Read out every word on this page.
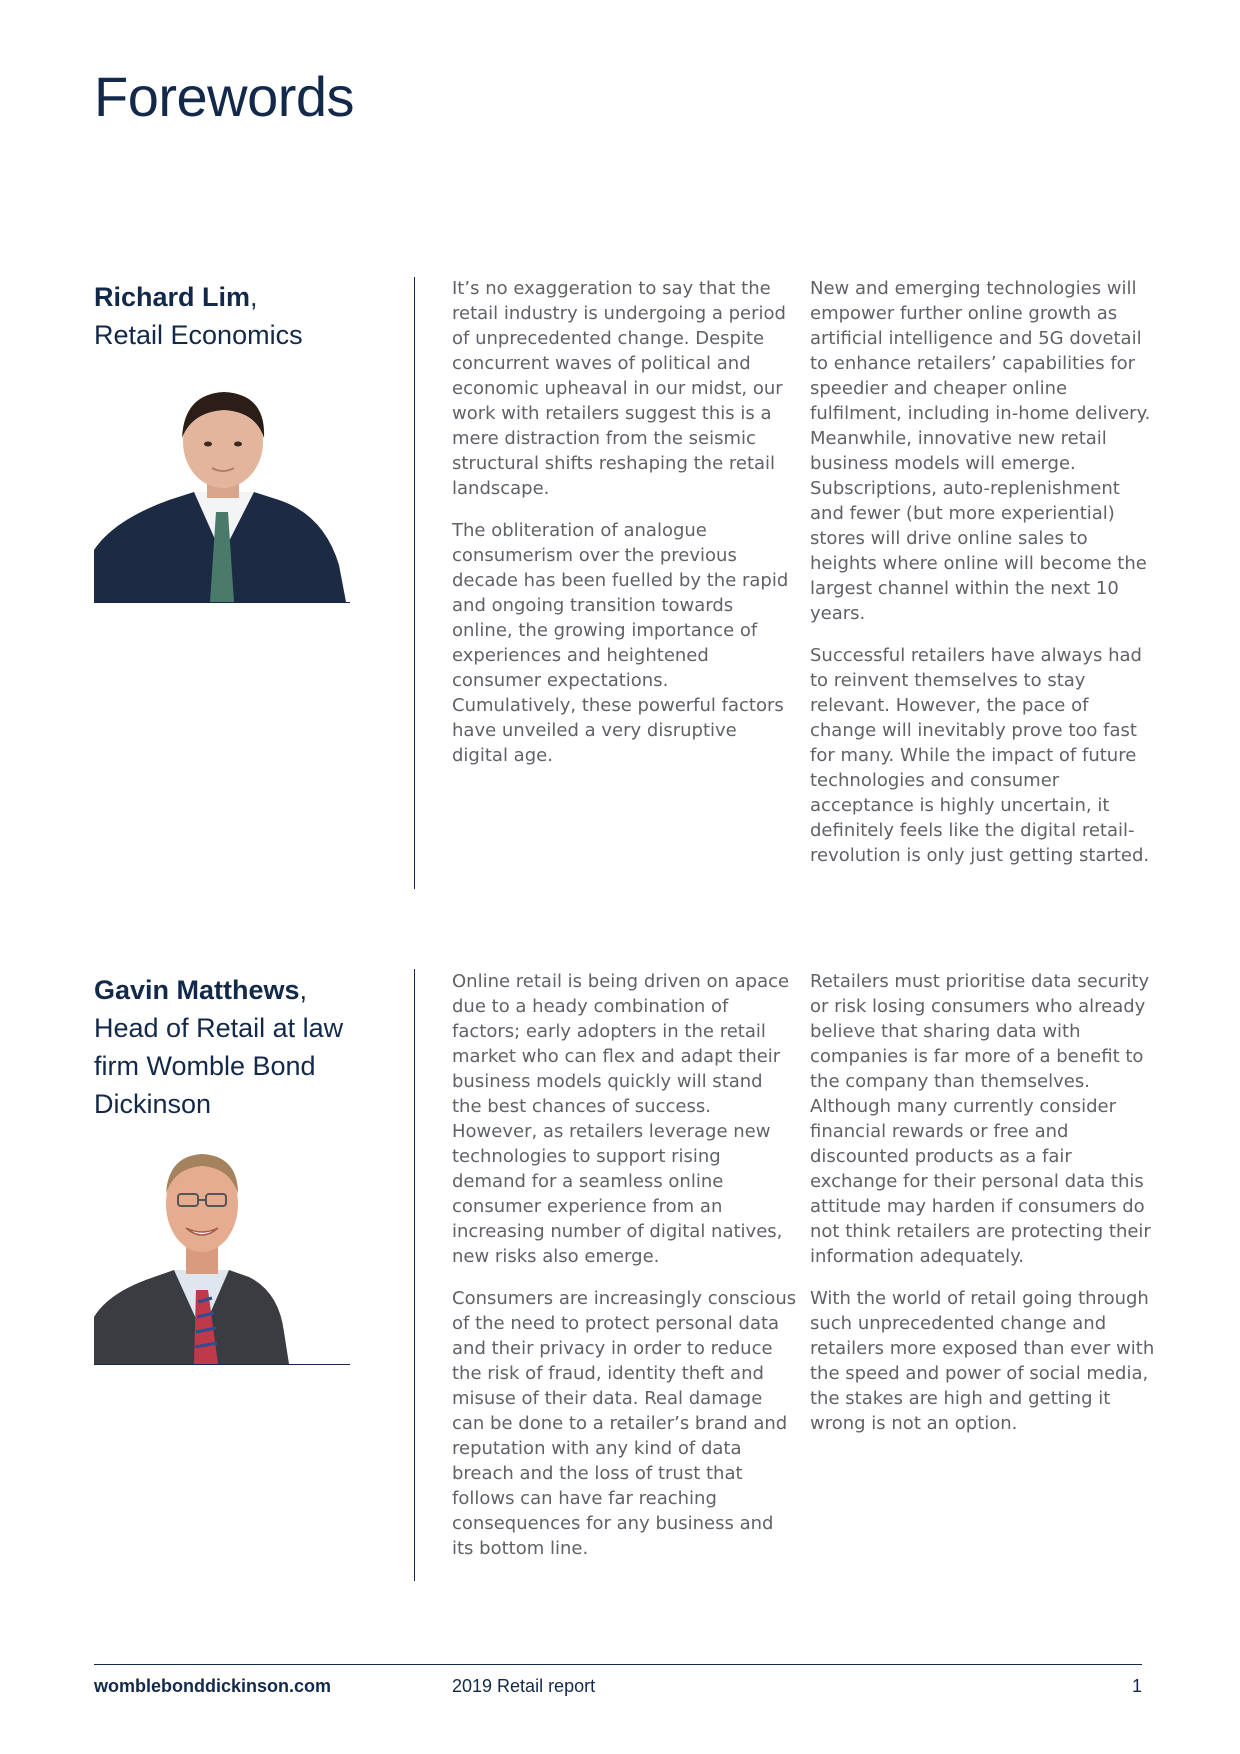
Forewords

Richard Lim,
Retail Economics

It’s no exaggeration to say that the retail industry is undergoing a period of unprecedented change. Despite concurrent waves of political and economic upheaval in our midst, our work with retailers suggest this is a mere distraction from the seismic structural shifts reshaping the retail landscape.

The obliteration of analogue consumerism over the previous decade has been fuelled by the rapid and ongoing transition towards online, the growing importance of experiences and heightened consumer expectations. Cumulatively, these powerful factors have unveiled a very disruptive digital age.

New and emerging technologies will empower further online growth as artificial intelligence and 5G dovetail to enhance retailers’ capabilities for speedier and cheaper online fulfilment, including in-home delivery. Meanwhile, innovative new retail business models will emerge. Subscriptions, auto-replenishment and fewer (but more experiential) stores will drive online sales to heights where online will become the largest channel within the next 10 years.

Successful retailers have always had to reinvent themselves to stay relevant. However, the pace of change will inevitably prove too fast for many. While the impact of future technologies and consumer acceptance is highly uncertain, it definitely feels like the digital retail-revolution is only just getting started.

Gavin Matthews,
Head of Retail at law firm Womble Bond Dickinson

Online retail is being driven on apace due to a heady combination of factors; early adopters in the retail market who can flex and adapt their business models quickly will stand the best chances of success. However, as retailers leverage new technologies to support rising demand for a seamless online consumer experience from an increasing number of digital natives, new risks also emerge.

Consumers are increasingly conscious of the need to protect personal data and their privacy in order to reduce the risk of fraud, identity theft and misuse of their data. Real damage can be done to a retailer’s brand and reputation with any kind of data breach and the loss of trust that follows can have far reaching consequences for any business and its bottom line.

Retailers must prioritise data security or risk losing consumers who already believe that sharing data with companies is far more of a benefit to the company than themselves. Although many currently consider financial rewards or free and discounted products as a fair exchange for their personal data this attitude may harden if consumers do not think retailers are protecting their information adequately.

With the world of retail going through such unprecedented change and retailers more exposed than ever with the speed and power of social media, the stakes are high and getting it wrong is not an option.

womblebonddickinson.com	2019 Retail report	1
